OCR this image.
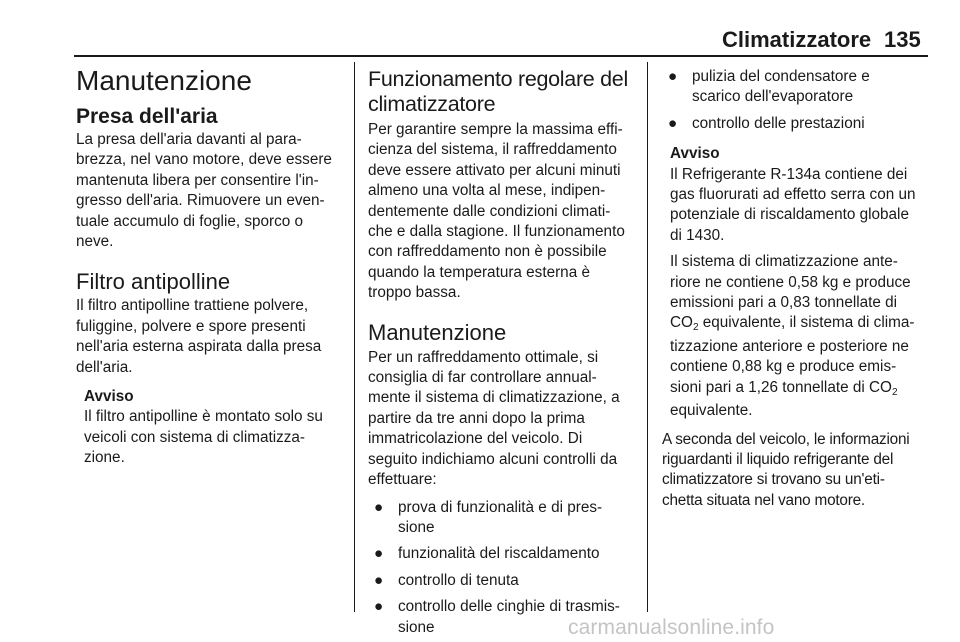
Climatizzatore 135
Manutenzione
Presa dell'aria
La presa dell'aria davanti al para-
brezza, nel vano motore, deve essere
mantenuta libera per consentire l'in-
gresso dell'aria. Rimuovere un even-
tuale accumulo di foglie, sporco o
neve.
Filtro antipolline
Il filtro antipolline trattiene polvere,
fuliggine, polvere e spore presenti
nell'aria esterna aspirata dalla presa
dell'aria.
Avviso
Il filtro antipolline è montato solo su
veicoli con sistema di climatizza-
zione.
Funzionamento regolare del
climatizzatore
Per garantire sempre la massima effi-
cienza del sistema, il raffreddamento
deve essere attivato per alcuni minuti
almeno una volta al mese, indipen-
dentemente dalle condizioni climati-
che e dalla stagione. Il funzionamento
con raffreddamento non è possibile
quando la temperatura esterna è
troppo bassa.
Manutenzione
Per un raffreddamento ottimale, si
consiglia di far controllare annual-
mente il sistema di climatizzazione, a
partire da tre anni dopo la prima
immatricolazione del veicolo. Di
seguito indichiamo alcuni controlli da
effettuare:
● prova di funzionalità e di pres-
sione
● funzionalità del riscaldamento
● controllo di tenuta
● controllo delle cinghie di trasmis-
sione
● pulizia del condensatore e
scarico dell'evaporatore
● controllo delle prestazioni
Avviso
Il Refrigerante R-134a contiene dei
gas fluorurati ad effetto serra con un
potenziale di riscaldamento globale
di 1430.
Il sistema di climatizzazione ante-
riore ne contiene 0,58 kg e produce
emissioni pari a 0,83 tonnellate di
$CO_2$ equivalente, il sistema di clima-
tizzazione anteriore e posteriore ne
contiene 0,88 kg e produce emis-
sioni pari a 1,26 tonnellate di $CO_2$
equivalente.
A seconda del veicolo, le informazioni
riguardanti il liquido refrigerante del
climatizzatore si trovano su un'eti-
chetta situata nel vano motore.
carmanualsonline.info
